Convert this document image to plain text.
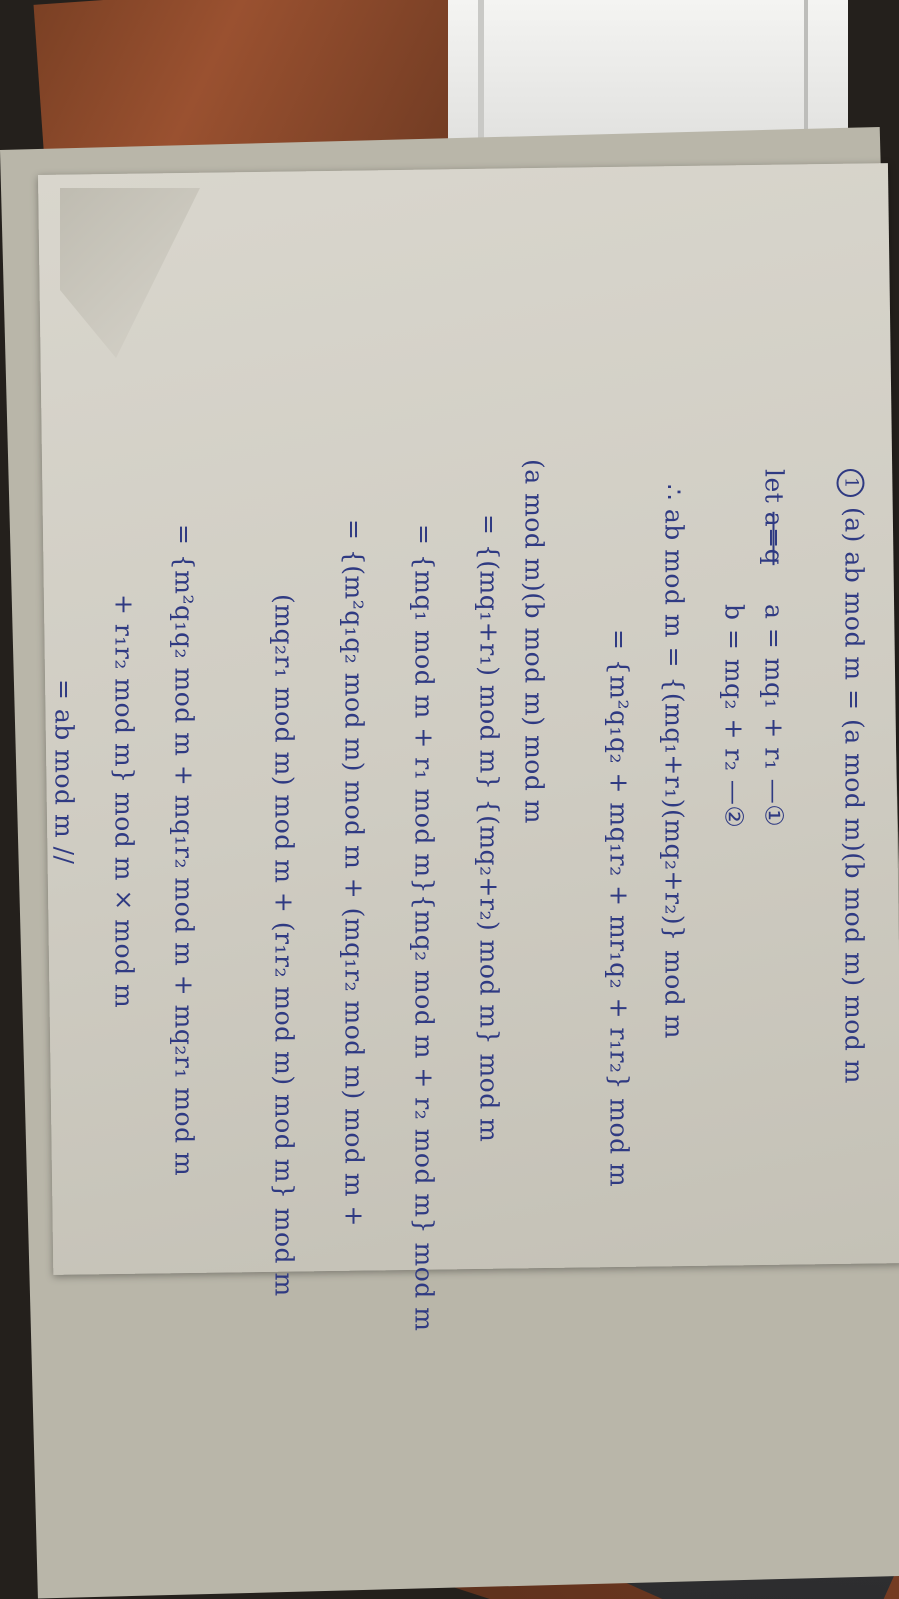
1(a) ab mod m = (a mod m)(b mod m) mod m
let a=q
a = mq₁ + r₁ —①
b = mq₂ + r₂ —②
∴ ab mod m = {(mq₁+r₁)(mq₂+r₂)} mod m
= {m²q₁q₂ + mq₁r₂ + mr₁q₂ + r₁r₂} mod m
(a mod m)(b mod m) mod m
= {(mq₁+r₁) mod m} {(mq₂+r₂) mod m} mod m
= {mq₁ mod m + r₁ mod m}{mq₂ mod m + r₂ mod m} mod m
= {(m²q₁q₂ mod m) mod m + (mq₁r₂ mod m) mod m +
(mq₂r₁ mod m) mod m + (r₁r₂ mod m) mod m} mod m
= {m²q₁q₂ mod m + mq₁r₂ mod m + mq₂r₁ mod m
+ r₁r₂ mod m} mod m × mod m
= ab mod m //
